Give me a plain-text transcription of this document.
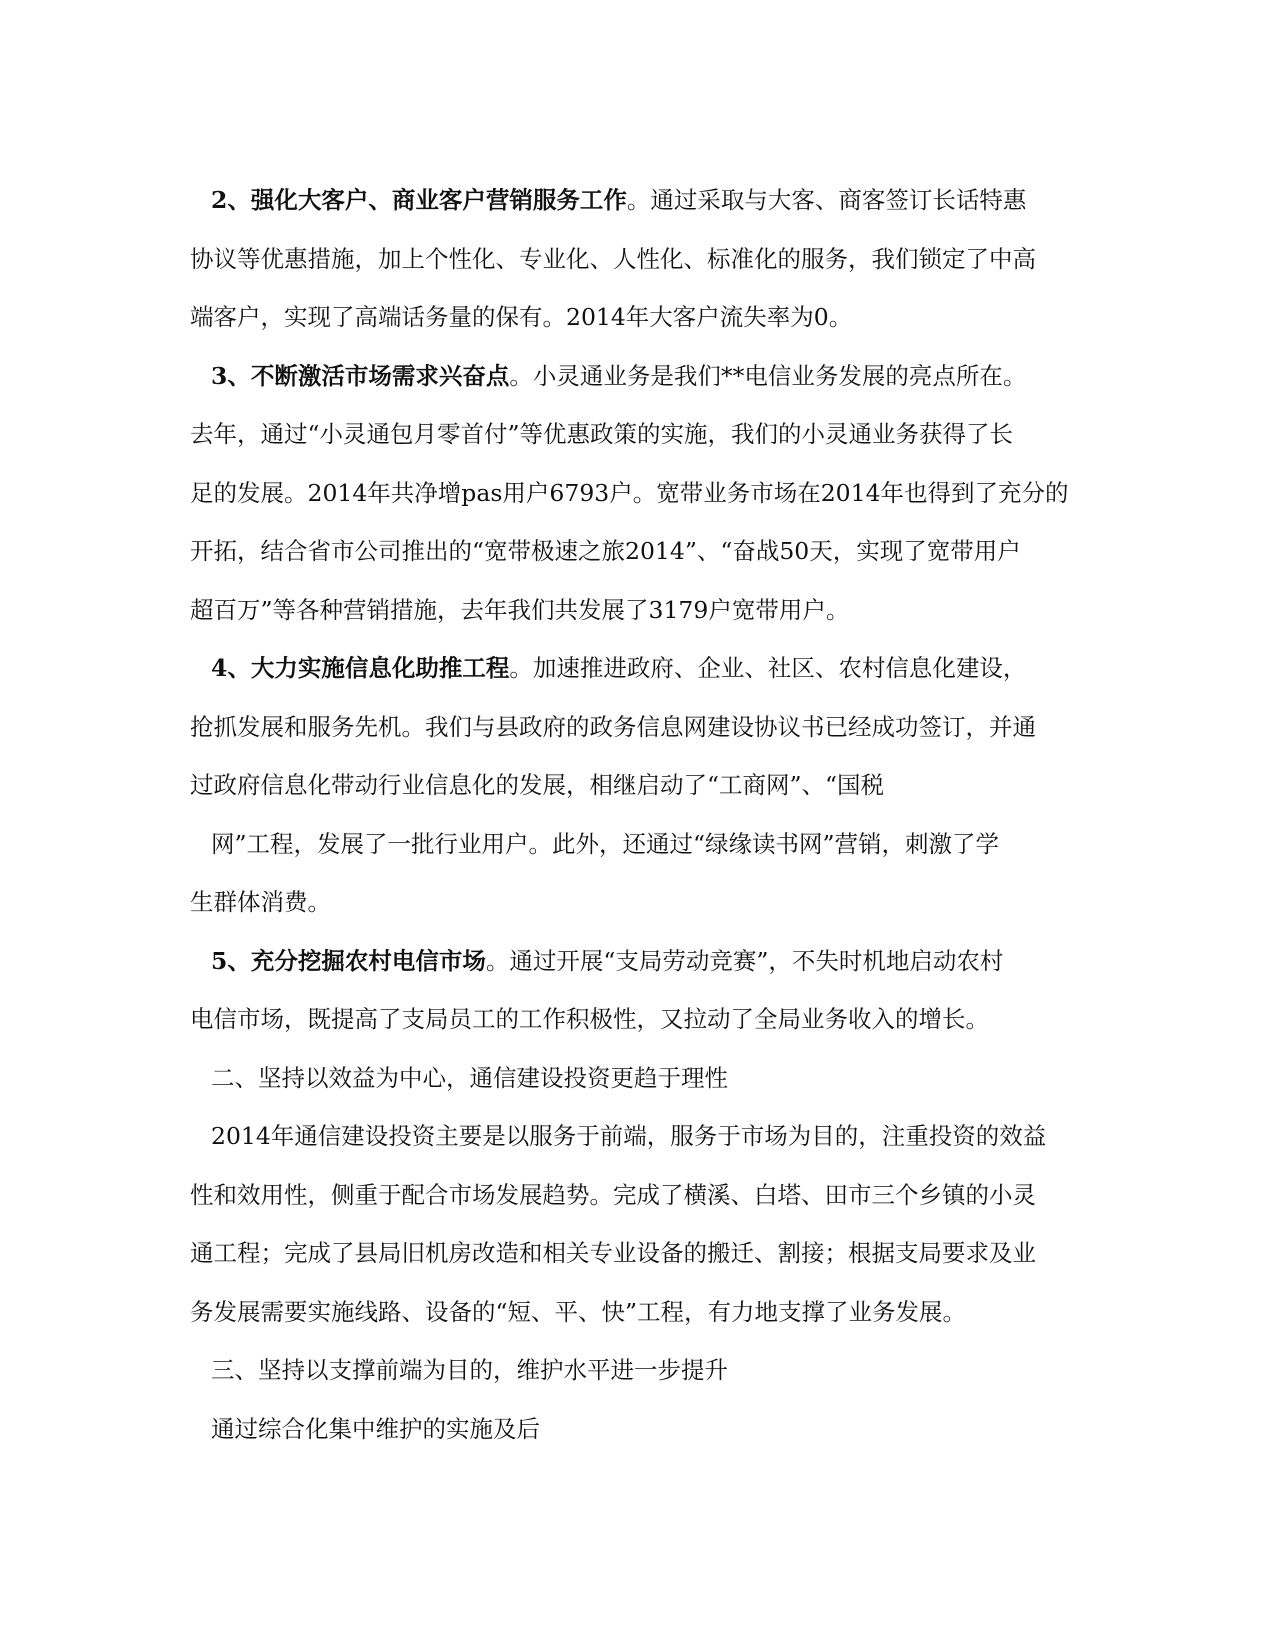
2、强化大客户、商业客户营销服务工作。通过采取与大客、商客签订长话特惠
协议等优惠措施，加上个性化、专业化、人性化、标准化的服务，我们锁定了中高
端客户，实现了高端话务量的保有。2014年大客户流失率为0。
3、不断激活市场需求兴奋点。小灵通业务是我们**电信业务发展的亮点所在。
去年，通过“小灵通包月零首付”等优惠政策的实施，我们的小灵通业务获得了长
足的发展。2014年共净增pas用户6793户。宽带业务市场在2014年也得到了充分的
开拓，结合省市公司推出的“宽带极速之旅2014”、“奋战50天，实现了宽带用户
超百万”等各种营销措施，去年我们共发展了3179户宽带用户。
4、大力实施信息化助推工程。加速推进政府、企业、社区、农村信息化建设，
抢抓发展和服务先机。我们与县政府的政务信息网建设协议书已经成功签订，并通
过政府信息化带动行业信息化的发展，相继启动了“工商网”、“国税
网”工程，发展了一批行业用户。此外，还通过“绿缘读书网”营销，刺激了学
生群体消费。
5、充分挖掘农村电信市场。通过开展“支局劳动竞赛”，不失时机地启动农村
电信市场，既提高了支局员工的工作积极性，又拉动了全局业务收入的增长。
二、坚持以效益为中心，通信建设投资更趋于理性
2014年通信建设投资主要是以服务于前端，服务于市场为目的，注重投资的效益
性和效用性，侧重于配合市场发展趋势。完成了横溪、白塔、田市三个乡镇的小灵
通工程；完成了县局旧机房改造和相关专业设备的搬迁、割接；根据支局要求及业
务发展需要实施线路、设备的“短、平、快”工程，有力地支撑了业务发展。
三、坚持以支撑前端为目的，维护水平进一步提升
通过综合化集中维护的实施及后
